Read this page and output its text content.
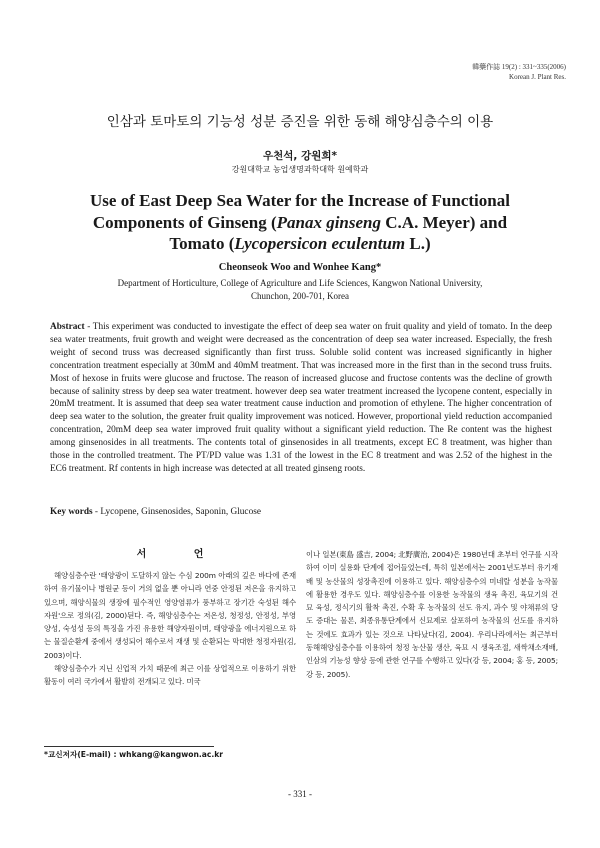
韓藥作誌 19(2) : 331~335(2006)
Korean J. Plant Res.
인삼과 토마토의 기능성 성분 증진을 위한 동해 해양심층수의 이용
우천석, 강원희*
강원대학교 농업생명과학대학 원예학과
Use of East Deep Sea Water for the Increase of Functional
Components of Ginseng (Panax ginseng C.A. Meyer) and
Tomato (Lycopersicon eculentum L.)
Cheonseok Woo and Wonhee Kang*
Department of Horticulture, College of Agriculture and Life Sciences, Kangwon National University,
Chunchon, 200-701, Korea
Abstract - This experiment was conducted to investigate the effect of deep sea water on fruit quality and yield of tomato. In the deep sea water treatments, fruit growth and weight were decreased as the concentration of deep sea water increased. Especially, the fresh weight of second truss was decreased significantly than first truss. Soluble solid content was increased significantly in higher concentration treatment especially at 30mM and 40mM treatment. That was increased more in the first than in the second truss fruits. Most of hexose in fruits were glucose and fructose. The reason of increased glucose and fructose contents was the decline of growth because of salinity stress by deep sea water treatment. however deep sea water treatment increased the lycopene content, especially in 20mM treatment. It is assumed that deep sea water treatment cause induction and promotion of ethylene. The higher concentration of deep sea water to the solution, the greater fruit quality improvement was noticed. However, proportional yield reduction accompanied concentration, 20mM deep sea water improved fruit quality without a significant yield reduction. The Re content was the highest among ginsenosides in all treatments. The contents total of ginsenosides in all treatments, except EC 8 treatment, was higher than those in the controlled treatment. The PT/PD value was 1.31 of the lowest in the EC 8 treatment and was 2.52 of the highest in the EC6 treatment. Rf contents in high increase was detected at all treated ginseng roots.
Key words - Lycopene, Ginsenosides, Saponin, Glucose
서 언

해양심층수란 '태양광이 도달하지 않는 수심 200m 아래의 깊은 바다에 존재하여 유기물이나 병원균 등이 거의 없을 뿐 아니라 연중 안정된 저온을 유지하고 있으며, 해양식물의 생장에 필수적인 영양염류가 풍부하고 장기간 숙성된 해수자원'으로 정의(김, 2000)된다. 즉, 해양심층수는 저온성, 청정성, 안정성, 부영양성, 숙성성 등의 특징을 가진 유용한 해양자원이며, 태양광을 에너지원으로 하는 물질순환계 중에서 생성되어 해수로서 재생 및 순환되는 막대한 청정자원(김, 2003)이다.

해양심층수가 지닌 신업적 가치 때문에 최근 이를 상업적으로 이용하기 위한 활동이 여러 국가에서 활발히 전개되고 있다. 미국

이나 일본(東島 盛吉, 2004; 北野廣治, 2004)은 1980년대 초부터 연구를 시작하여 이미 실용화 단계에 접어들었는데, 특히 일본에서는 2001년도부터 유기재배 및 농산물의 성장촉진에 이용하고 있다. 해양심층수의 미네랄 성분을 농작물에 활용한 경우도 있다. 해양심층수를 이용한 농작물의 생육 촉진, 육묘기의 건묘 육성, 정식기의 활착 촉진, 수확 후 농작물의 선도 유지, 과수 및 야채류의 당도 증대는 물론, 최종유통단계에서 신묘제로 살포하여 농작물의 선도를 유지하는 것에도 효과가 있는 것으로 나타났다(김, 2004). 우리나라에서는 최근부터 동해해양심층수를 이용하여 청정 농산물 생산, 육묘 시 생육조절, 새싹채소재배, 인삼의 기능성 향상 등에 관한 연구를 수행하고 있다(강 등, 2004; 홍 등, 2005; 강 등, 2005).

*교신저자(E-mail) : whkang@kangwon.ac.kr
- 331 -
